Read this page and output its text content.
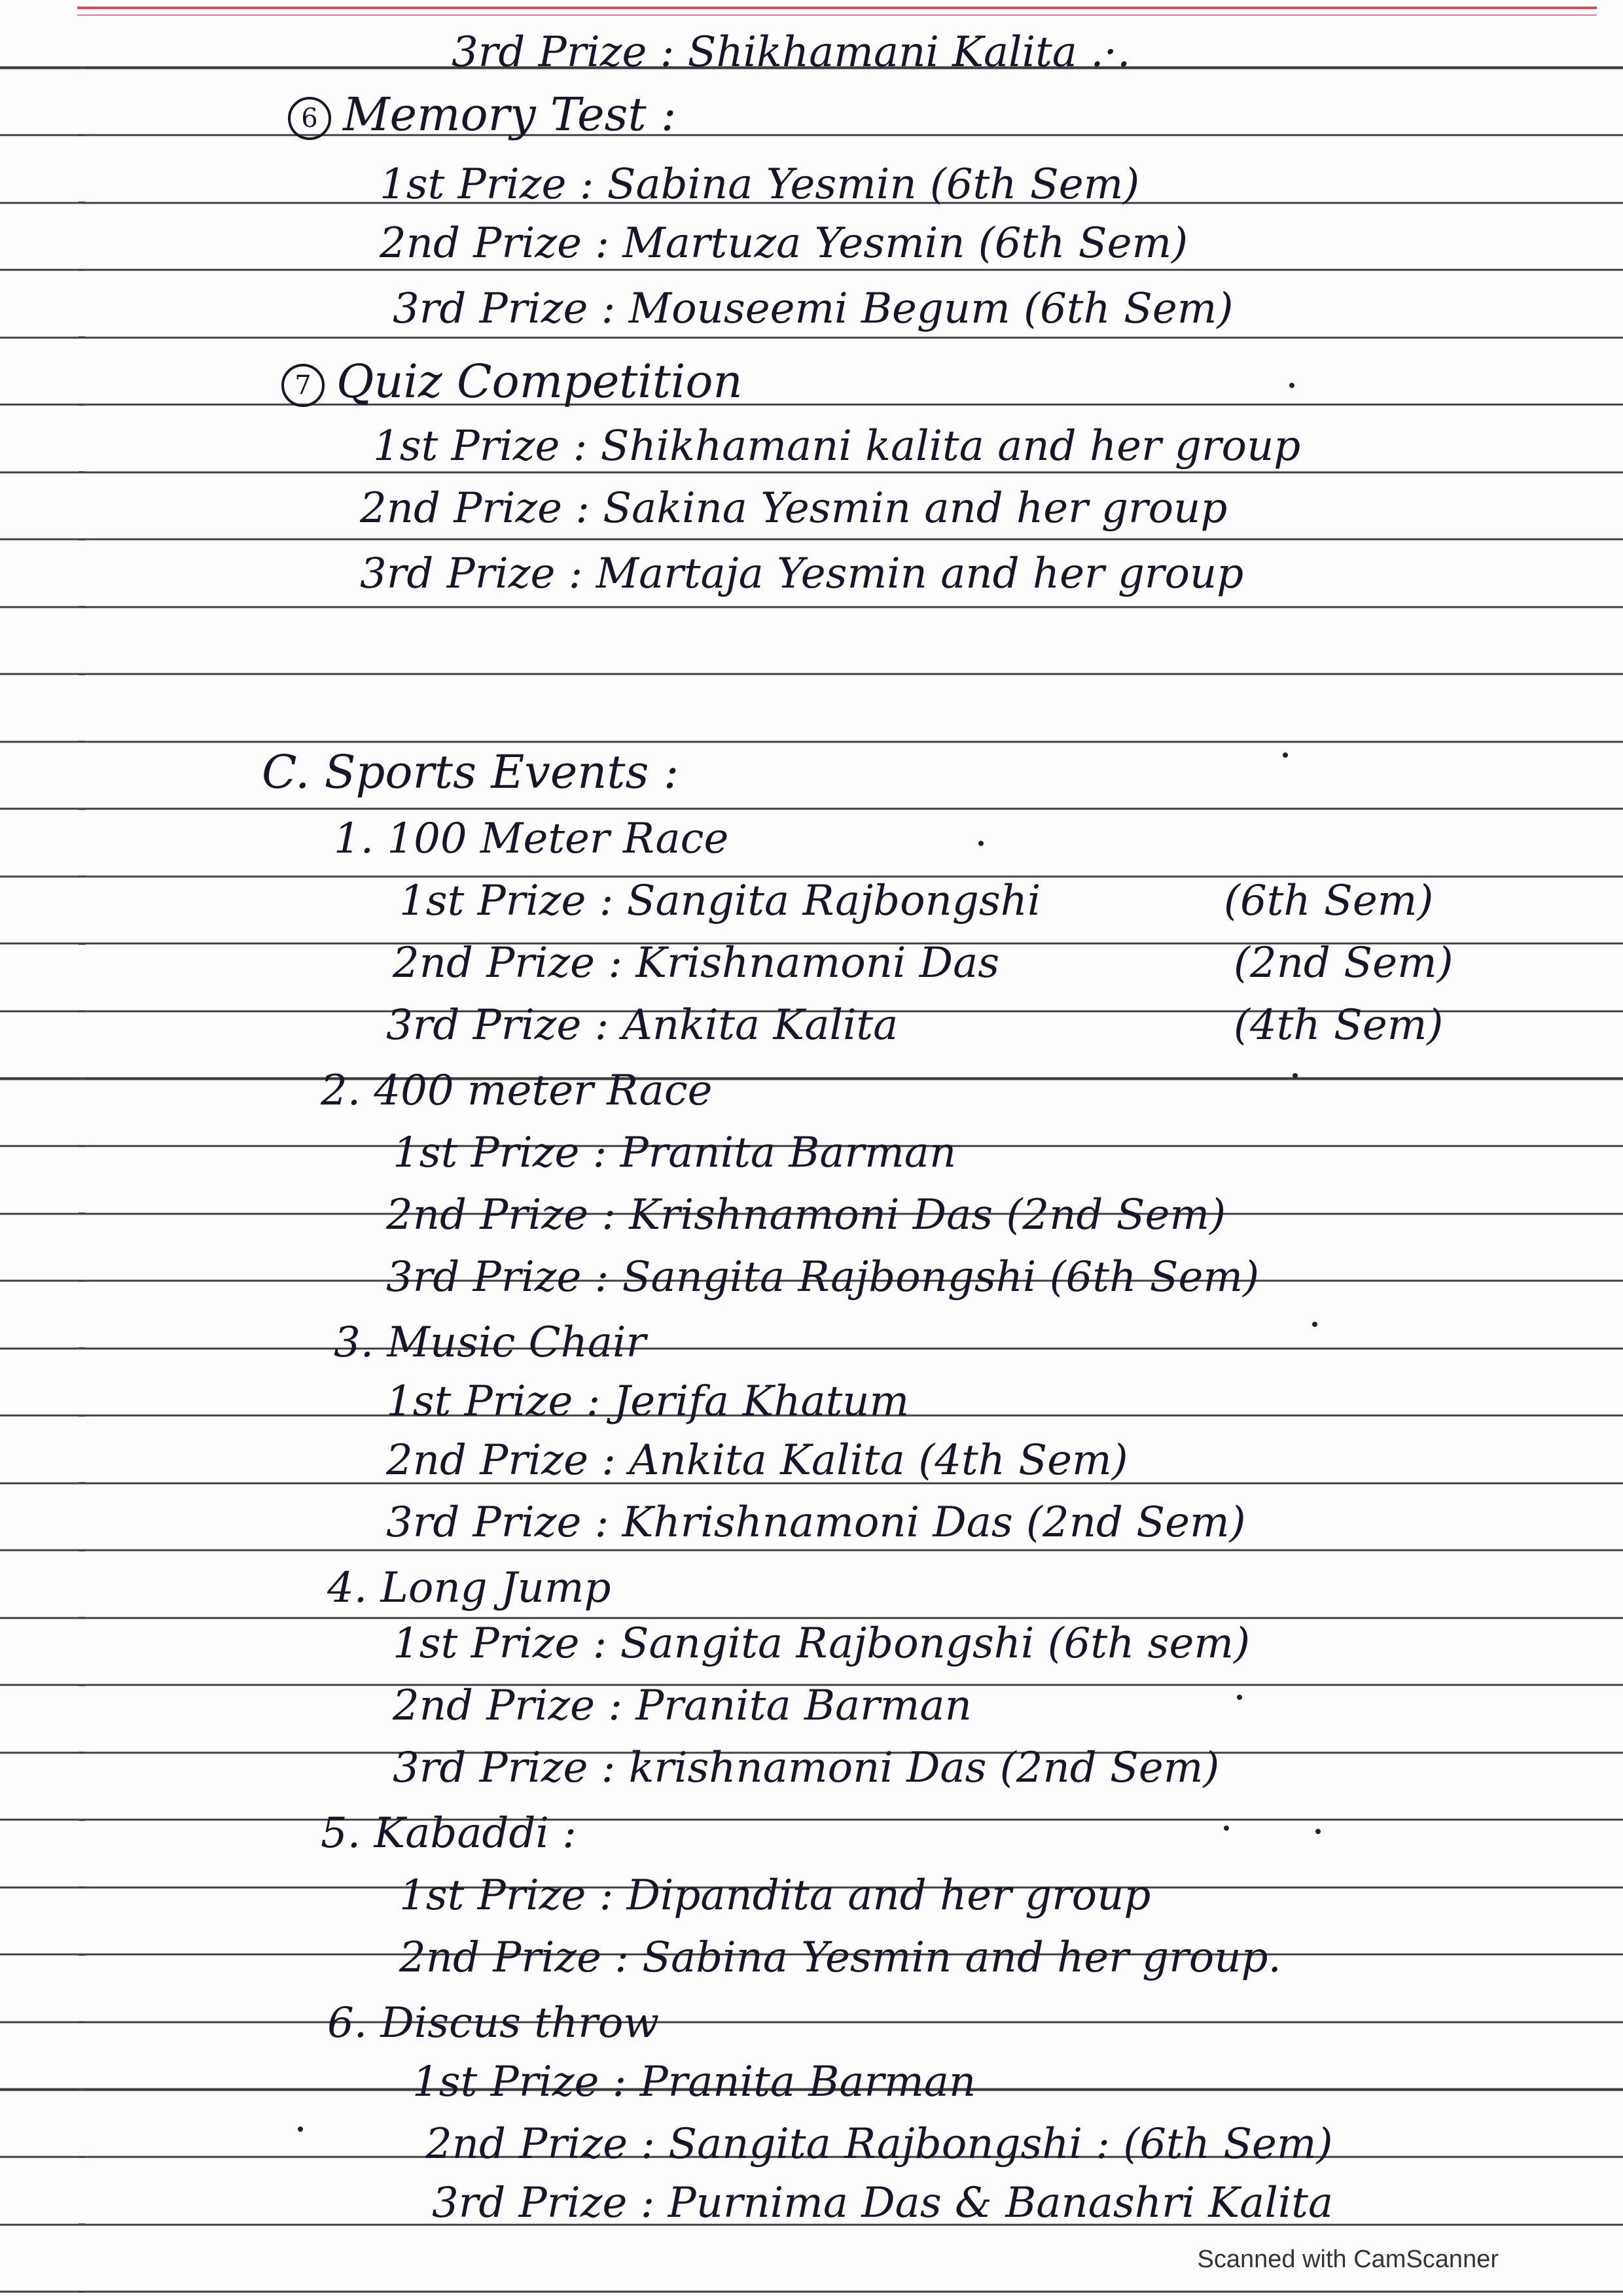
3rd Prize : Shikhamani Kalita .·.
6 Memory Test :
1st Prize : Sabina Yesmin (6th Sem)
2nd Prize : Martuza Yesmin (6th Sem)
3rd Prize : Mouseemi Begum (6th Sem)
7 Quiz Competition
1st Prize : Shikhamani kalita and her group
2nd Prize : Sakina Yesmin and her group
3rd Prize : Martaja Yesmin and her group
C. Sports Events :
1. 100 Meter Race
1st Prize : Sangita Rajbongshi	(6th Sem)
2nd Prize : Krishnamoni Das	(2nd Sem)
3rd Prize : Ankita Kalita	(4th Sem)
2. 400 meter Race
1st Prize : Pranita Barman
2nd Prize : Krishnamoni Das (2nd Sem)
3rd Prize : Sangita Rajbongshi (6th Sem)
3. Music Chair
1st Prize : Jerifa Khatum
2nd Prize : Ankita Kalita (4th Sem)
3rd Prize : Khrishnamoni Das (2nd Sem)
4. Long Jump
1st Prize : Sangita Rajbongshi (6th sem)
2nd Prize : Pranita Barman
3rd Prize : krishnamoni Das (2nd Sem)
5. Kabaddi :
1st Prize : Dipandita and her group
2nd Prize : Sabina Yesmin and her group.
6. Discus throw
1st Prize : Pranita Barman
2nd Prize : Sangita Rajbongshi : (6th Sem)
3rd Prize : Purnima Das & Banashri Kalita
Scanned with CamScanner
